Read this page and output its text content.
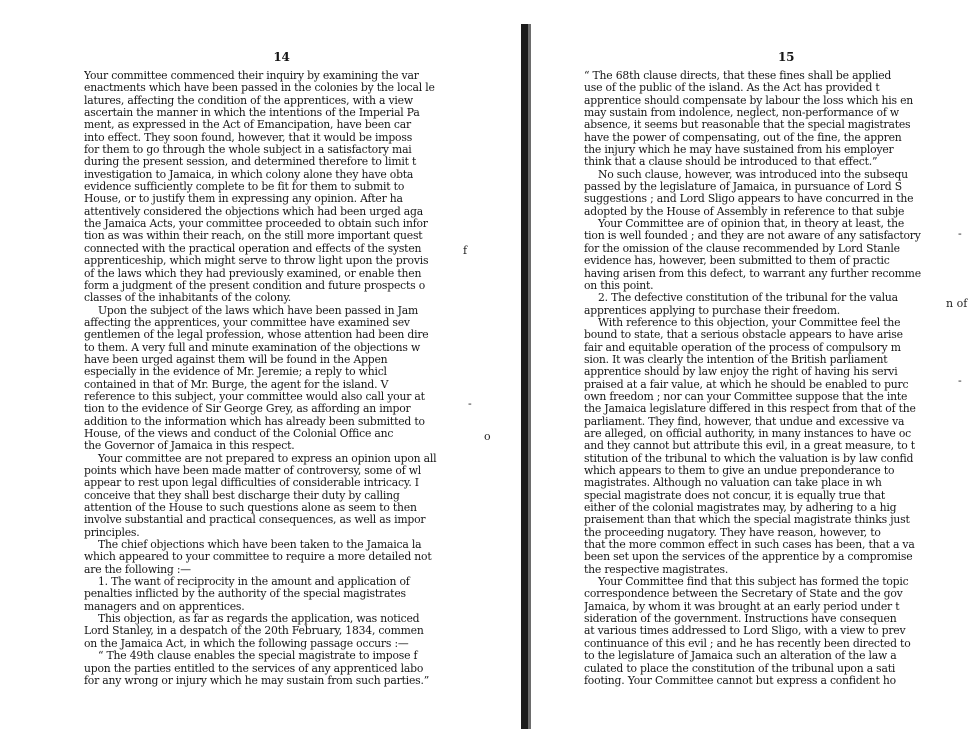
14
Your committee commenced their inquiry by examining the var
enactments which have been passed in the colonies by the local le
latures, affecting the condition of the apprentices, with a view
ascertain the manner in which the intentions of the Imperial Pa
ment, as expressed in the Act of Emancipation, have been car
into effect. They soon found, however, that it would be imposs
for them to go through the whole subject in a satisfactory mai
during the present session, and determined therefore to limit t
investigation to Jamaica, in which colony alone they have obta
evidence sufficiently complete to be fit for them to submit to
House, or to justify them in expressing any opinion. After ha
attentively considered the objections which had been urged aga
the Jamaica Acts, your committee proceeded to obtain such infor
tion as was within their reach, on the still more important quest
connected with the practical operation and effects of the systen
apprenticeship, which might serve to throw light upon the provis
of the laws which they had previously examined, or enable then
form a judgment of the present condition and future prospects o
classes of the inhabitants of the colony.
Upon the subject of the laws which have been passed in Jam
affecting the apprentices, your committee have examined sev
gentlemen of the legal profession, whose attention had been dire
to them. A very full and minute examination of the objections w
have been urged against them will be found in the Appen
especially in the evidence of Mr. Jeremie; a reply to whicl
contained in that of Mr. Burge, the agent for the island. V
reference to this subject, your committee would also call your at
tion to the evidence of Sir George Grey, as affording an impor
addition to the information which has already been submitted to
House, of the views and conduct of the Colonial Office anc
the Governor of Jamaica in this respect.
Your committee are not prepared to express an opinion upon all
points which have been made matter of controversy, some of wl
appear to rest upon legal difficulties of considerable intricacy. I
conceive that they shall best discharge their duty by calling
attention of the House to such questions alone as seem to then
involve substantial and practical consequences, as well as impor
principles.
The chief objections which have been taken to the Jamaica la
which appeared to your committee to require a more detailed not
are the following :—
1. The want of reciprocity in the amount and application of
penalties inflicted by the authority of the special magistrates
managers and on apprentices.
This objection, as far as regards the application, was noticed
Lord Stanley, in a despatch of the 20th February, 1834, commen
on the Jamaica Act, in which the following passage occurs :—
“ The 49th clause enables the special magistrate to impose f
upon the parties entitled to the services of any apprenticed labo
for any wrong or injury which he may sustain from such parties.”
f
o
15
“ The 68th clause directs, that these fines shall be applied
use of the public of the island. As the Act has provided t
apprentice should compensate by labour the loss which his en
may sustain from indolence, neglect, non-performance of w
absence, it seems but reasonable that the special magistrates
have the power of compensating, out of the fine, the appren
the injury which he may have sustained from his employer
think that a clause should be introduced to that effect.”
No such clause, however, was introduced into the subsequ
passed by the legislature of Jamaica, in pursuance of Lord S
suggestions ; and Lord Sligo appears to have concurred in the
adopted by the House of Assembly in reference to that subje
Your Committee are of opinion that, in theory at least, the
tion is well founded ; and they are not aware of any satisfactory
for the omission of the clause recommended by Lord Stanle
evidence has, however, been submitted to them of practic
having arisen from this defect, to warrant any further recomme
on this point.
2. The defective constitution of the tribunal for the valua
apprentices applying to purchase their freedom.
With reference to this objection, your Committee feel the
bound to state, that a serious obstacle appears to have arise
fair and equitable operation of the process of compulsory m
sion. It was clearly the intention of the British parliament
apprentice should by law enjoy the right of having his servi
praised at a fair value, at which he should be enabled to purc
own freedom ; nor can your Committee suppose that the inte
the Jamaica legislature differed in this respect from that of the
parliament. They find, however, that undue and excessive va
are alleged, on official authority, in many instances to have oc
and they cannot but attribute this evil, in a great measure, to t
stitution of the tribunal to which the valuation is by law confid
which appears to them to give an undue preponderance to
magistrates. Although no valuation can take place in wh
special magistrate does not concur, it is equally true that
either of the colonial magistrates may, by adhering to a hig
praisement than that which the special magistrate thinks just
the proceeding nugatory. They have reason, however, to
that the more common effect in such cases has been, that a va
been set upon the services of the apprentice by a compromise
the respective magistrates.
Your Committee find that this subject has formed the topic
correspondence between the Secretary of State and the gov
Jamaica, by whom it was brought at an early period under t
sideration of the government. Instructions have consequen
at various times addressed to Lord Sligo, with a view to prev
continuance of this evil ; and he has recently been directed to
to the legislature of Jamaica such an alteration of the law a
culated to place the constitution of the tribunal upon a sati
footing. Your Committee cannot but express a confident ho
-
-
n of
-
